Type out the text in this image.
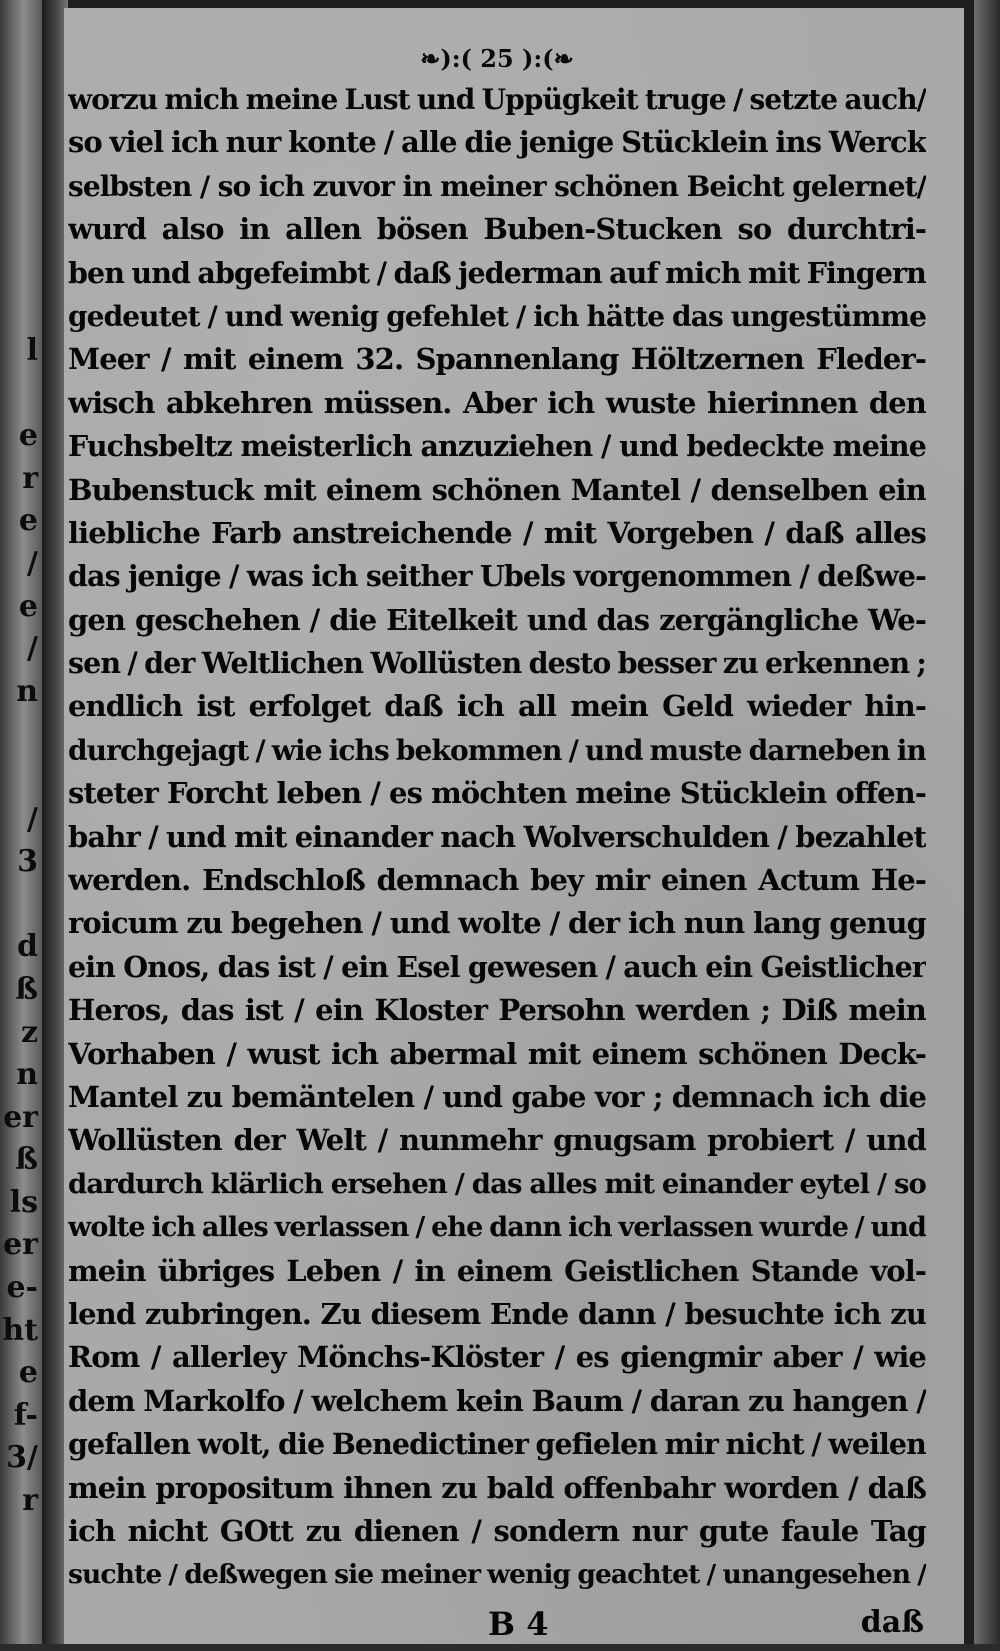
l
e
r
e
/
e
/
n
/
3
d
ß
z
n
er
ß
ls
er
e-
ht
e
f-
3/
r
❧):( 25 ):(❧
worzu mich meine Lust und Uppügkeit truge / setzte auch/
so viel ich nur konte / alle die jenige Stücklein ins Werck
selbsten / so ich zuvor in meiner schönen Beicht gelernet/
wurd also in allen bösen Buben-Stucken so durchtri-
ben und abgefeimbt / daß jederman auf mich mit Fingern
gedeutet / und wenig gefehlet / ich hätte das ungestümme
Meer / mit einem 32. Spannenlang Höltzernen Fleder-
wisch abkehren müssen. Aber ich wuste hierinnen den
Fuchsbeltz meisterlich anzuziehen / und bedeckte meine
Bubenstuck mit einem schönen Mantel / denselben ein
liebliche Farb anstreichende / mit Vorgeben / daß alles
das jenige / was ich seither Ubels vorgenommen / deßwe-
gen geschehen / die Eitelkeit und das zergängliche We-
sen / der Weltlichen Wollüsten desto besser zu erkennen ;
endlich ist erfolget daß ich all mein Geld wieder hin-
durchgejagt / wie ichs bekommen / und muste darneben in
steter Forcht leben / es möchten meine Stücklein offen-
bahr / und mit einander nach Wolverschulden / bezahlet
werden. Endschloß demnach bey mir einen Actum He-
roicum zu begehen / und wolte / der ich nun lang genug
ein Onos, das ist / ein Esel gewesen / auch ein Geistlicher
Heros, das ist / ein Kloster Persohn werden ; Diß mein
Vorhaben / wust ich abermal mit einem schönen Deck-
Mantel zu bemäntelen / und gabe vor ; demnach ich die
Wollüsten der Welt / nunmehr gnugsam probiert / und
dardurch klärlich ersehen / das alles mit einander eytel / so
wolte ich alles verlassen / ehe dann ich verlassen wurde / und
mein übriges Leben / in einem Geistlichen Stande vol-
lend zubringen. Zu diesem Ende dann / besuchte ich zu
Rom / allerley Mönchs-Klöster / es giengmir aber / wie
dem Markolfo / welchem kein Baum / daran zu hangen /
gefallen wolt, die Benedictiner gefielen mir nicht / weilen
mein propositum ihnen zu bald offenbahr worden / daß
ich nicht GOtt zu dienen / sondern nur gute faule Tag
suchte / deßwegen sie meiner wenig geachtet / unangesehen /
B 4	daß
